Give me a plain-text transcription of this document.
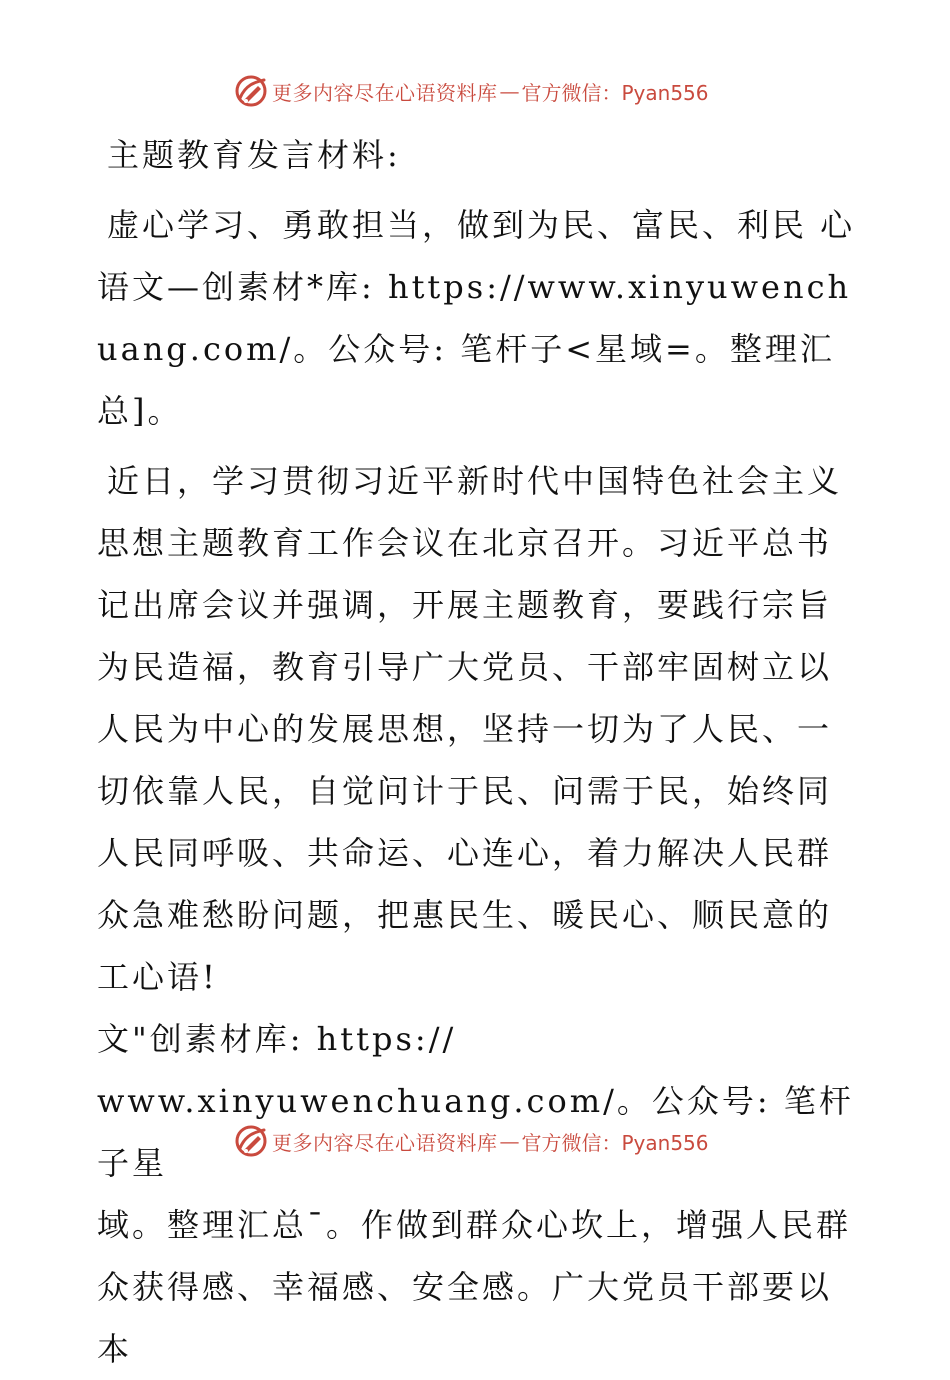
更多内容尽在心语资料库 — 官方微信：Pyan556

主题教育发言材料:

虚心学习、勇敢担当，做到为民、富民、利民 心语文—创素材*库: https://www.xinyuwenchuang.com/。公众号: 笔杆子<星域=。整理汇总]。

近日，学习贯彻习近平新时代中国特色社会主义思想主题教育工作会议在北京召开。习近平总书记出席会议并强调，开展主题教育，要践行宗旨为民造福，教育引导广大党员、干部牢固树立以人民为中心的发展思想，坚持一切为了人民、一切依靠人民，自觉问计于民、问需于民，始终同人民同呼吸、共命运、心连心，着力解决人民群众急难愁盼问题，把惠民生、暖民心、顺民意的工心语!

文"创素材库: https://

www.xinyuwenchuang.com/。公众号: 笔杆子星

域。整理汇总¯。作做到群众心坎上，增强人民群众获得感、幸福感、安全感。广大党员干部要以本

更多内容尽在心语资料库 — 官方微信：Pyan556
